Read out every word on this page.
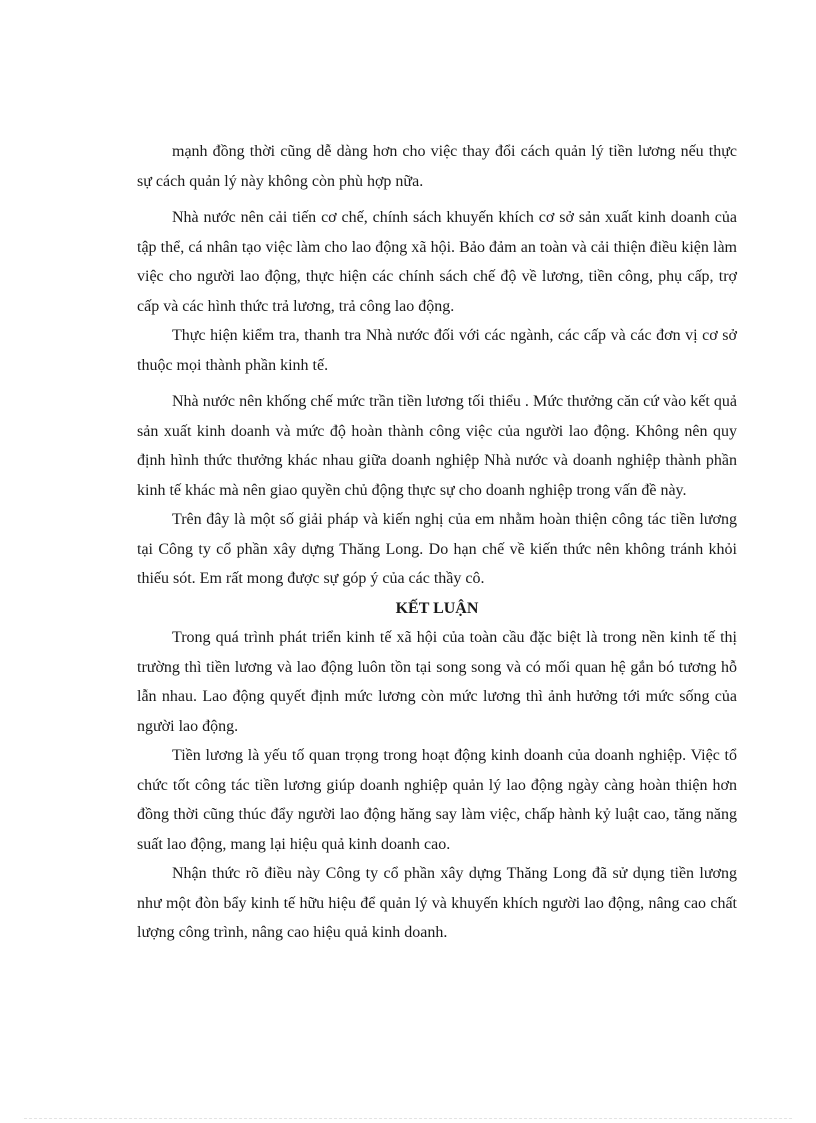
mạnh đồng thời cũng dễ dàng hơn cho việc thay đổi cách quản lý tiền lương nếu thực sự cách quản lý này không còn phù hợp nữa.

Nhà nước nên cải tiến cơ chế, chính sách khuyến khích cơ sở sản xuất kinh doanh của tập thể, cá nhân tạo việc làm cho lao động xã hội. Bảo đảm an toàn và cải thiện điều kiện làm việc cho người lao động, thực hiện các chính sách chế độ về lương, tiền công, phụ cấp, trợ cấp và các hình thức trả lương, trả công lao động.

Thực hiện kiểm tra, thanh tra Nhà nước đối với các ngành, các cấp và các đơn vị cơ sở thuộc mọi thành phần kinh tế.

Nhà nước nên khống chế mức trần tiền lương tối thiểu . Mức thưởng căn cứ vào kết quả sản xuất kinh doanh và mức độ hoàn thành công việc của người lao động. Không nên quy định hình thức thưởng khác nhau giữa doanh nghiệp Nhà nước và doanh nghiệp thành phần kinh tế khác mà nên giao quyền chủ động thực sự cho doanh nghiệp trong vấn đề này.

Trên đây là một số giải pháp và kiến nghị của em nhằm hoàn thiện công tác tiền lương tại Công ty cổ phần xây dựng Thăng Long. Do hạn chế về kiến thức nên không tránh khỏi thiếu sót. Em rất mong được sự góp ý của các thầy cô.

KẾT LUẬN

Trong quá trình phát triển kinh tế xã hội của toàn cầu đặc biệt là trong nền kinh tế thị trường thì tiền lương và lao động luôn tồn tại song song và có mối quan hệ gắn bó tương hỗ lẫn nhau. Lao động quyết định mức lương còn mức lương thì ảnh hưởng tới mức sống của người lao động.

Tiền lương là yếu tố quan trọng trong hoạt động kinh doanh của doanh nghiệp. Việc tổ chức tốt công tác tiền lương giúp doanh nghiệp quản lý lao động ngày càng hoàn thiện hơn đồng thời cũng thúc đẩy người lao động hăng say làm việc, chấp hành kỷ luật cao, tăng năng suất lao động, mang lại hiệu quả kinh doanh cao.

Nhận thức rõ điều này Công ty cổ phần xây dựng Thăng Long đã sử dụng tiền lương như một đòn bẩy kinh tế hữu hiệu để quản lý và khuyến khích người lao động, nâng cao chất lượng công trình, nâng cao hiệu quả kinh doanh.
